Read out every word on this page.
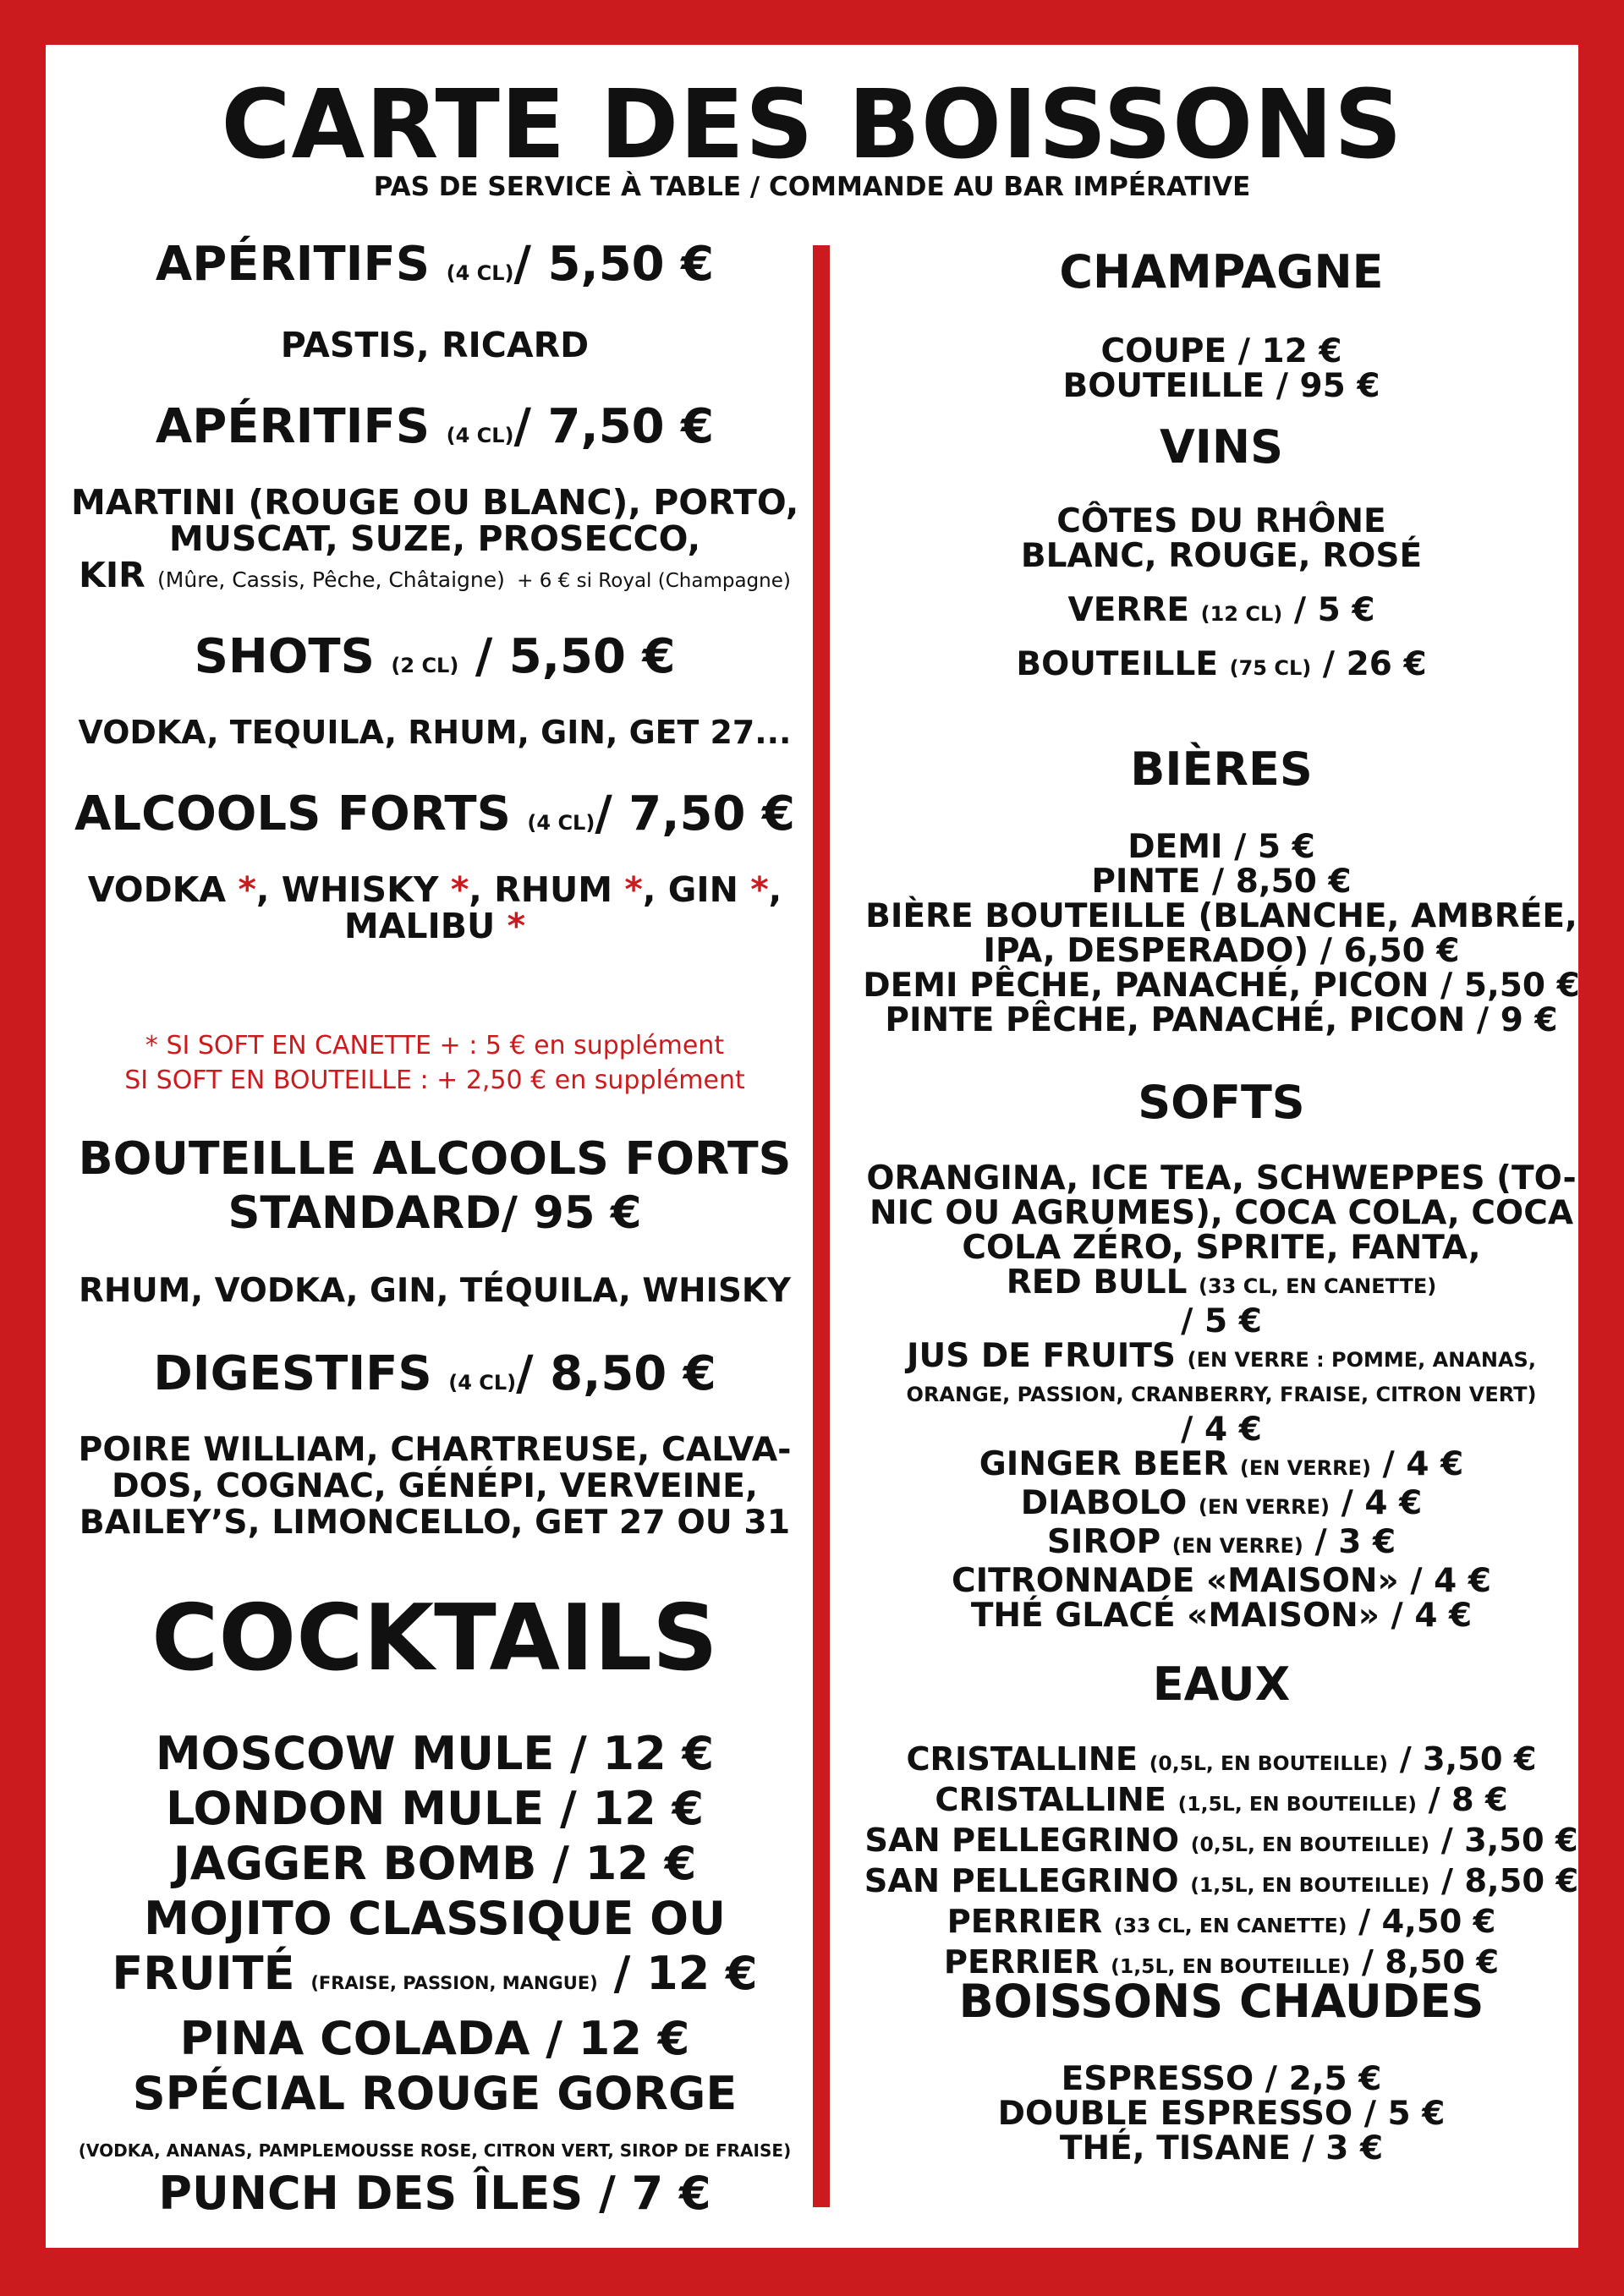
CARTE DES BOISSONS
PAS DE SERVICE À TABLE / COMMANDE AU BAR IMPÉRATIVE
APÉRITIFS (4 CL)/ 5,50 €
PASTIS, RICARD
APÉRITIFS (4 CL)/ 7,50 €
MARTINI (ROUGE OU BLANC), PORTO,
MUSCAT, SUZE, PROSECCO,
KIR (Mûre, Cassis, Pêche, Châtaigne) + 6 € si Royal (Champagne)
SHOTS (2 CL) / 5,50 €
VODKA, TEQUILA, RHUM, GIN, GET 27...
ALCOOLS FORTS (4 CL)/ 7,50 €
VODKA *, WHISKY *, RHUM *, GIN *,
MALIBU *
* SI SOFT EN CANETTE + : 5 € en supplément
SI SOFT EN BOUTEILLE : + 2,50 € en supplément
BOUTEILLE ALCOOLS FORTS
STANDARD/ 95 €
RHUM, VODKA, GIN, TÉQUILA, WHISKY
DIGESTIFS (4 CL)/ 8,50 €
POIRE WILLIAM, CHARTREUSE, CALVA-
DOS, COGNAC, GÉNÉPI, VERVEINE,
BAILEY’S, LIMONCELLO, GET 27 OU 31
COCKTAILS
MOSCOW MULE / 12 €
LONDON MULE / 12 €
JAGGER BOMB / 12 €
MOJITO CLASSIQUE OU
FRUITÉ (FRAISE, PASSION, MANGUE) / 12 €
PINA COLADA / 12 €
SPÉCIAL ROUGE GORGE
(VODKA, ANANAS, PAMPLEMOUSSE ROSE, CITRON VERT, SIROP DE FRAISE)
PUNCH DES ÎLES / 7 €
CHAMPAGNE
COUPE / 12 €
BOUTEILLE / 95 €
VINS
CÔTES DU RHÔNE
BLANC, ROUGE, ROSÉ
VERRE (12 CL) / 5 €
BOUTEILLE (75 CL) / 26 €
BIÈRES
DEMI / 5 €
PINTE / 8,50 €
BIÈRE BOUTEILLE (BLANCHE, AMBRÉE,
IPA, DESPERADO) / 6,50 €
DEMI PÊCHE, PANACHÉ, PICON / 5,50 €
PINTE PÊCHE, PANACHÉ, PICON / 9 €
SOFTS
ORANGINA, ICE TEA, SCHWEPPES (TO-
NIC OU AGRUMES), COCA COLA, COCA
COLA ZÉRO, SPRITE, FANTA,
RED BULL (33 CL, EN CANETTE)
/ 5 €
JUS DE FRUITS (EN VERRE : POMME, ANANAS,
ORANGE, PASSION, CRANBERRY, FRAISE, CITRON VERT)
/ 4 €
GINGER BEER (EN VERRE) / 4 €
DIABOLO (EN VERRE) / 4 €
SIROP (EN VERRE) / 3 €
CITRONNADE «MAISON» / 4 €
THÉ GLACÉ «MAISON» / 4 €
EAUX
CRISTALLINE (0,5L, EN BOUTEILLE) / 3,50 €
CRISTALLINE (1,5L, EN BOUTEILLE) / 8 €
SAN PELLEGRINO (0,5L, EN BOUTEILLE) / 3,50 €
SAN PELLEGRINO (1,5L, EN BOUTEILLE) / 8,50 €
PERRIER (33 CL, EN CANETTE) / 4,50 €
PERRIER (1,5L, EN BOUTEILLE) / 8,50 €
BOISSONS CHAUDES
ESPRESSO / 2,5 €
DOUBLE ESPRESSO / 5 €
THÉ, TISANE / 3 €
